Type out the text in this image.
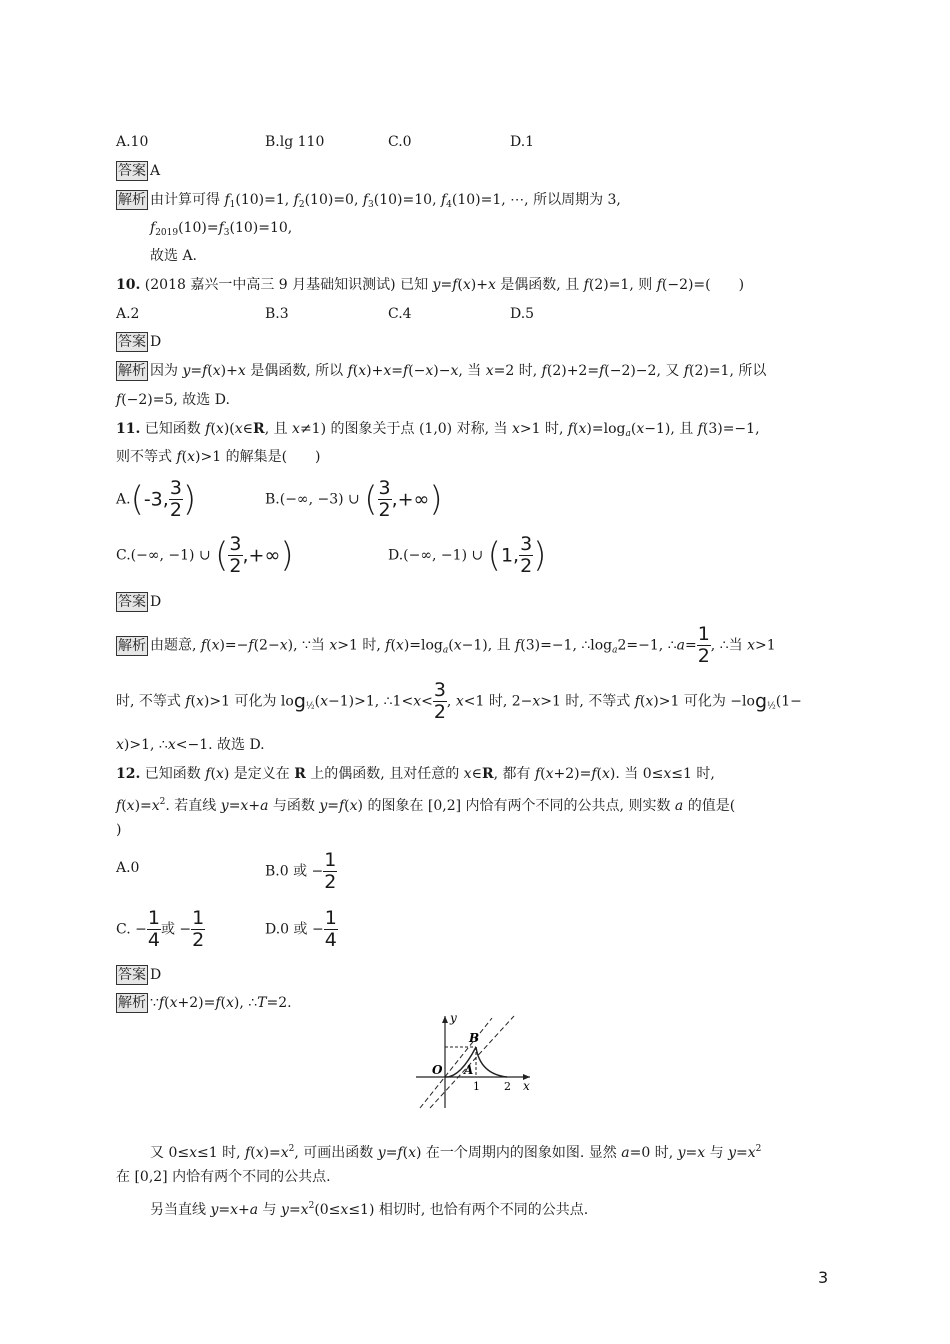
A.10	B.lg 110	C.0	D.1
答案 A
解析 由计算可得 $f_1(10)=1$, $f_2(10)=0$, $f_3(10)=10$, $f_4(10)=1$, ⋯, 所以周期为 3,
$f_{2019}(10)=f_3(10)=10$,
故选 A.
10. (2018 嘉兴一中高三 9 月基础知识测试) 已知 y=f(x)+x 是偶函数, 且 f(2)=1, 则 f(−2)=(　　)
A.2	B.3	C.4	D.5
答案 D
解析 因为 y=f(x)+x 是偶函数, 所以 f(x)+x=f(−x)−x, 当 x=2 时, f(2)+2=f(−2)−2, 又 f(2)=1, 所以
f(−2)=5, 故选 D.
11. 已知函数 f(x)(x∈R, 且 x≠1) 的图象关于点 (1,0) 对称, 当 x>1 时, $f(x)=\log_a(x-1)$, 且 f(3)=−1,
则不等式 f(x)>1 的解集是(　　)
A.(-3, $\frac{3}{2}$ )	B.(−∞, −3) ∪ ( $\frac{3}{2}$ ,+∞)
C.(−∞, −1) ∪ ( $\frac{3}{2}$ ,+∞)	D.(−∞, −1) ∪ (1, $\frac{3}{2}$ )
答案 D
解析 由题意, f(x)=−f(2−x), ∵当 x>1 时, $f(x)=\log_a(x-1)$, 且 f(3)=−1, $\therefore\log_a2=-1$, ∴a= $\frac{1}{2}$ , ∴当 x>1
时, 不等式 f(x)>1 可化为 $\log_{\frac{1}{2}}(x-1)>1$, ∴1<x< $\frac{3}{2}$ , x<1 时, 2−x>1 时, 不等式 f(x)>1 可化为 $-\log_{\frac{1}{2}}(1-$
x)>1, ∴x<−1. 故选 D.
12. 已知函数 f(x) 是定义在 R 上的偶函数, 且对任意的 x∈R, 都有 f(x+2)=f(x). 当 0≤x≤1 时,
$f(x)=x^2$. 若直线 y=x+a 与函数 y=f(x) 的图象在 [0,2] 内恰有两个不同的公共点, 则实数 a 的值是(
)
A.0	B.0 或 − $\frac{1}{2}$
C. − $\frac{1}{4}$ 或 − $\frac{1}{2}$	D.0 或 − $\frac{1}{4}$
答案 D
解析 ∵f(x+2)=f(x), ∴T=2.
y
B
O A
1 2 x
又 0≤x≤1 时, $f(x)=x^2$, 可画出函数 y=f(x) 在一个周期内的图象如图. 显然 a=0 时, y=x 与 $y=x^2$
在 [0,2] 内恰有两个不同的公共点.
另当直线 y=x+a 与 $y=x^2(0\le x\le 1)$ 相切时, 也恰有两个不同的公共点.
3
